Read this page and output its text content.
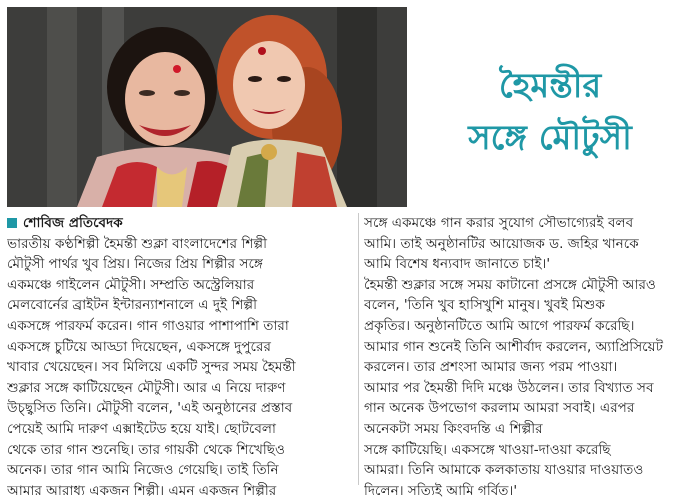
হৈমন্তীর
সঙ্গে মৌটুসী
শোবিজ প্রতিবেদক
ভারতীয় কণ্ঠশিল্পী হৈমন্তী শুক্লা বাংলাদেশের শিল্পী
মৌটুসী পার্থর খুব প্রিয়। নিজের প্রিয় শিল্পীর সঙ্গে
একমঞ্চে গাইলেন মৌটুসী। সম্প্রতি অস্ট্রেলিয়ার
মেলবোর্নের ব্রাইটন ইন্টারন্যাশনালে এ দুই শিল্পী
একসঙ্গে পারফর্ম করেন। গান গাওয়ার পাশাপাশি তারা
একসঙ্গে চুটিয়ে আড্ডা দিয়েছেন, একসঙ্গে দুপুরের
খাবার খেয়েছেন। সব মিলিয়ে একটি সুন্দর সময় হৈমন্তী
শুক্লার সঙ্গে কাটিয়েছেন মৌটুসী। আর এ নিয়ে দারুণ
উচ্ছ্বসিত তিনি। মৌটুসী বলেন, 'এই অনুষ্ঠানের প্রস্তাব
পেয়েই আমি দারুণ এক্সাইটেড হয়ে যাই। ছোটবেলা
থেকে তার গান শুনেছি। তার গায়কী থেকে শিখেছিও
অনেক। তার গান আমি নিজেও গেয়েছি। তাই তিনি
আমার আরাধ্য একজন শিল্পী। এমন একজন শিল্পীর
সঙ্গে একমঞ্চে গান করার সুযোগ সৌভাগ্যেরই বলব
আমি। তাই অনুষ্ঠানটির আয়োজক ড. জহির খানকে
আমি বিশেষ ধন্যবাদ জানাতে চাই।'
হৈমন্তী শুক্লার সঙ্গে সময় কাটানো প্রসঙ্গে মৌটুসী আরও
বলেন, 'তিনি খুব হাসিখুশি মানুষ। খুবই মিশুক
প্রকৃতির। অনুষ্ঠানটিতে আমি আগে পারফর্ম করেছি।
আমার গান শুনেই তিনি আশীর্বাদ করলেন, অ্যাপ্রিসিয়েট
করলেন। তার প্রশংসা আমার জন্য পরম পাওয়া।
আমার পর হৈমন্তী দিদি মঞ্চে উঠলেন। তার বিখ্যাত সব
গান অনেক উপভোগ করলাম আমরা সবাই। এরপর
অনেকটা সময় কিংবদন্তি এ শিল্পীর
সঙ্গে কাটিয়েছি। একসঙ্গে খাওয়া-দাওয়া করেছি
আমরা। তিনি আমাকে কলকাতায় যাওয়ার দাওয়াতও
দিলেন। সত্যিই আমি গর্বিত।'
